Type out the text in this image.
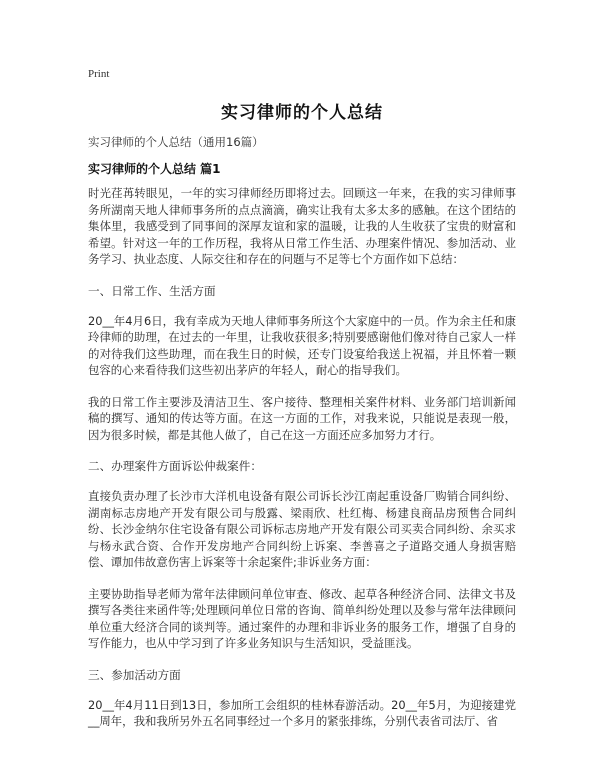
Print
实习律师的个人总结
实习律师的个人总结（通用16篇）
实习律师的个人总结 篇1

时光荏苒转眼见，一年的实习律师经历即将过去。回顾这一年来，在我的实习律师事务所湖南天地人律师事务所的点点滴滴，确实让我有太多太多的感触。在这个团结的集体里，我感受到了同事间的深厚友谊和家的温暖，让我的人生收获了宝贵的财富和希望。针对这一年的工作历程，我将从日常工作生活、办理案件情况、参加活动、业务学习、执业态度、人际交往和存在的问题与不足等七个方面作如下总结：

一、日常工作、生活方面

20__年4月6日，我有幸成为天地人律师事务所这个大家庭中的一员。作为余主任和康玲律师的助理，在过去的一年里，让我收获很多;特别要感谢他们像对待自己家人一样的对待我们这些助理，而在我生日的时候，还专门设宴给我送上祝福，并且怀着一颗包容的心来看待我们这些初出茅庐的年轻人，耐心的指导我们。

我的日常工作主要涉及清洁卫生、客户接待、整理相关案件材料、业务部门培训新闻稿的撰写、通知的传达等方面。在这一方面的工作，对我来说，只能说是表现一般，因为很多时候，都是其他人做了，自己在这一方面还应多加努力才行。

二、办理案件方面诉讼仲裁案件：

直接负责办理了长沙市大洋机电设备有限公司诉长沙江南起重设备厂购销合同纠纷、湖南标志房地产开发有限公司与殷露、梁雨欣、杜红梅、杨建良商品房预售合同纠纷、长沙金纳尔住宅设备有限公司诉标志房地产开发有限公司买卖合同纠纷、余买求与杨永武合资、合作开发房地产合同纠纷上诉案、李善喜之子道路交通人身损害赔偿、谭加伟故意伤害上诉案等十余起案件;非诉业务方面：

主要协助指导老师为常年法律顾问单位审查、修改、起草各种经济合同、法律文书及撰写各类往来函件等;处理顾问单位日常的咨询、简单纠纷处理以及参与常年法律顾问单位重大经济合同的谈判等。通过案件的办理和非诉业务的服务工作，增强了自身的写作能力，也从中学习到了许多业务知识与生活知识，受益匪浅。

三、参加活动方面

20__年4月11日到13日，参加所工会组织的桂林春游活动。20__年5月，为迎接建党__周年，我和我所另外五名同事经过一个多月的紧张排练，分别代表省司法厅、省
